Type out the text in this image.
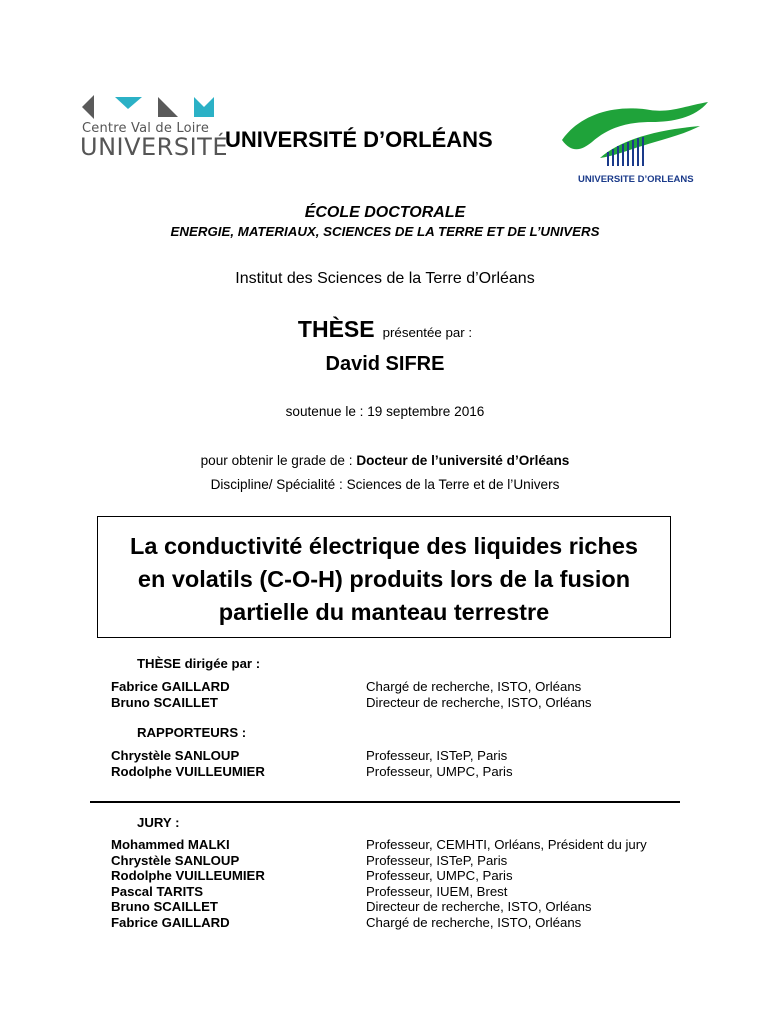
Centre Val de Loire
UNIVERSITÉ
UNIVERSITÉ D’ORLÉANS
UNIVERSITE D’ORLEANS
ÉCOLE DOCTORALE
ENERGIE, MATERIAUX, SCIENCES DE LA TERRE ET DE L’UNIVERS
Institut des Sciences de la Terre d’Orléans
THÈSE présentée par :
David SIFRE
soutenue le : 19 septembre 2016
pour obtenir le grade de : Docteur de l’université d’Orléans
Discipline/ Spécialité : Sciences de la Terre et de l’Univers
La conductivité électrique des liquides riches
en volatils (C-O-H) produits lors de la fusion
partielle du manteau terrestre
THÈSE dirigée par :
Fabrice GAILLARD
Bruno SCAILLET
Chargé de recherche, ISTO, Orléans
Directeur de recherche, ISTO, Orléans
RAPPORTEURS :
Chrystèle SANLOUP
Rodolphe VUILLEUMIER
Professeur, ISTeP, Paris
Professeur, UMPC, Paris
JURY :
Mohammed MALKI
Chrystèle SANLOUP
Rodolphe VUILLEUMIER
Pascal TARITS
Bruno SCAILLET
Fabrice GAILLARD
Professeur, CEMHTI, Orléans, Président du jury
Professeur, ISTeP, Paris
Professeur, UMPC, Paris
Professeur, IUEM, Brest
Directeur de recherche, ISTO, Orléans
Chargé de recherche, ISTO, Orléans
